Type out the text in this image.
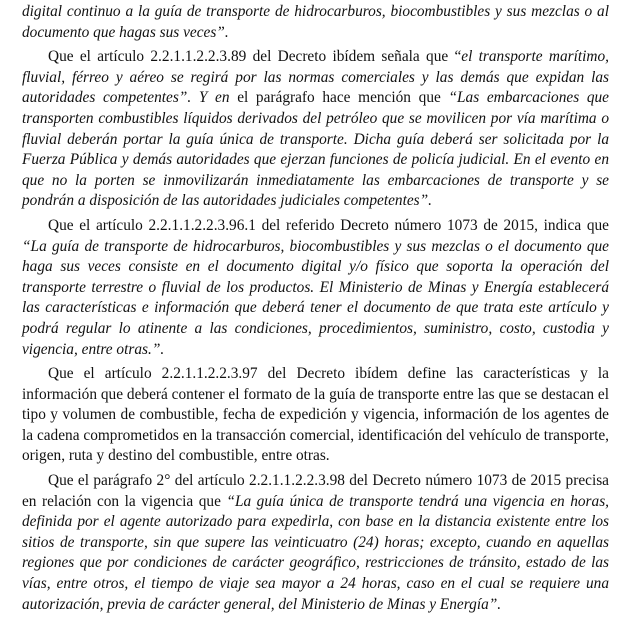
digital continuo a la guía de transporte de hidrocarburos, biocombustibles y sus mezclas o al documento que hagas sus veces”.

Que el artículo 2.2.1.1.2.2.3.89 del Decreto ibídem señala que “el transporte marítimo, fluvial, férreo y aéreo se regirá por las normas comerciales y las demás que expidan las autoridades competentes”. Y en el parágrafo hace mención que “Las embarcaciones que transporten combustibles líquidos derivados del petróleo que se movilicen por vía marítima o fluvial deberán portar la guía única de transporte. Dicha guía deberá ser solicitada por la Fuerza Pública y demás autoridades que ejerzan funciones de policía judicial. En el evento en que no la porten se inmovilizarán inmediatamente las embarcaciones de transporte y se pondrán a disposición de las autoridades judiciales competentes”.

Que el artículo 2.2.1.1.2.2.3.96.1 del referido Decreto número 1073 de 2015, indica que “La guía de transporte de hidrocarburos, biocombustibles y sus mezclas o el documento que haga sus veces consiste en el documento digital y/o físico que soporta la operación del transporte terrestre o fluvial de los productos. El Ministerio de Minas y Energía establecerá las características e información que deberá tener el documento de que trata este artículo y podrá regular lo atinente a las condiciones, procedimientos, suministro, costo, custodia y vigencia, entre otras.”.

Que el artículo 2.2.1.1.2.2.3.97 del Decreto ibídem define las características y la información que deberá contener el formato de la guía de transporte entre las que se destacan el tipo y volumen de combustible, fecha de expedición y vigencia, información de los agentes de la cadena comprometidos en la transacción comercial, identificación del vehículo de transporte, origen, ruta y destino del combustible, entre otras.

Que el parágrafo 2° del artículo 2.2.1.1.2.2.3.98 del Decreto número 1073 de 2015 precisa en relación con la vigencia que “La guía única de transporte tendrá una vigencia en horas, definida por el agente autorizado para expedirla, con base en la distancia existente entre los sitios de transporte, sin que supere las veinticuatro (24) horas; excepto, cuando en aquellas regiones que por condiciones de carácter geográfico, restricciones de tránsito, estado de las vías, entre otros, el tiempo de viaje sea mayor a 24 horas, caso en el cual se requiere una autorización, previa de carácter general, del Ministerio de Minas y Energía”.
